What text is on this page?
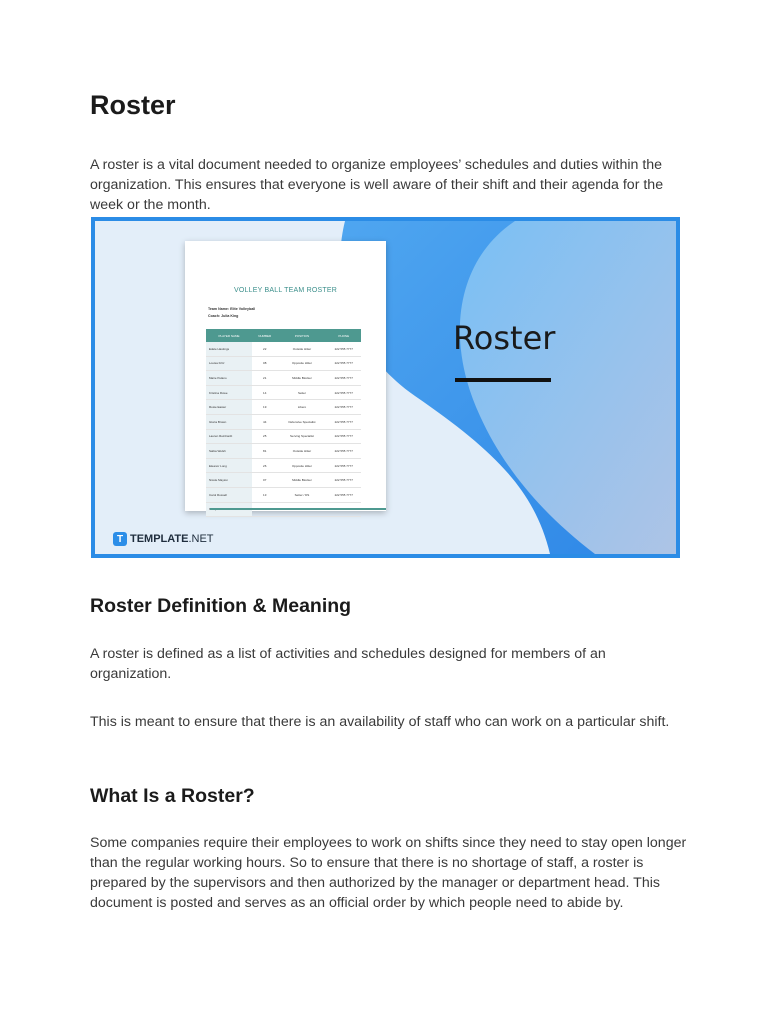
Roster

A roster is a vital document needed to organize employees’ schedules and duties within the organization. This ensures that everyone is well aware of their shift and their agenda for the week or the month.

VOLLEY BALL TEAM ROSTER
Team Name: Elite Volleyball
Coach: Julia King
PLAYER NAME	NUMBER	POSITION	PHONE
Edele Hastings	22	Outside Hitter	222 555 7777
Louisa Fritz	08	Opposite Hitter	222 555 7777
Marie Pelano	21	Middle Blocker	222 555 7777
Kristina Rowe	14	Setter	222 555 7777
Rosie Easter	19	Libero	222 555 7777
Gloria Brown	44	Defensive Specialist	222 555 7777
Lauren Reinhardt	25	Serving Specialist	222 555 7777
Sabia Welsh	81	Outside Hitter	222 555 7777
Eleanor Long	26	Opposite Hitter	222 555 7777
Nicole Mayton	07	Middle Blocker	222 555 7777
Carol Russell	13	Setter / DS	222 555 7777

Roster
T TEMPLATE .NET
Roster Definition & Meaning

A roster is defined as a list of activities and schedules designed for members of an organization.

This is meant to ensure that there is an availability of staff who can work on a particular shift.

What Is a Roster?

Some companies require their employees to work on shifts since they need to stay open longer than the regular working hours. So to ensure that there is no shortage of staff, a roster is prepared by the supervisors and then authorized by the manager or department head. This document is posted and serves as an official order by which people need to abide by.
